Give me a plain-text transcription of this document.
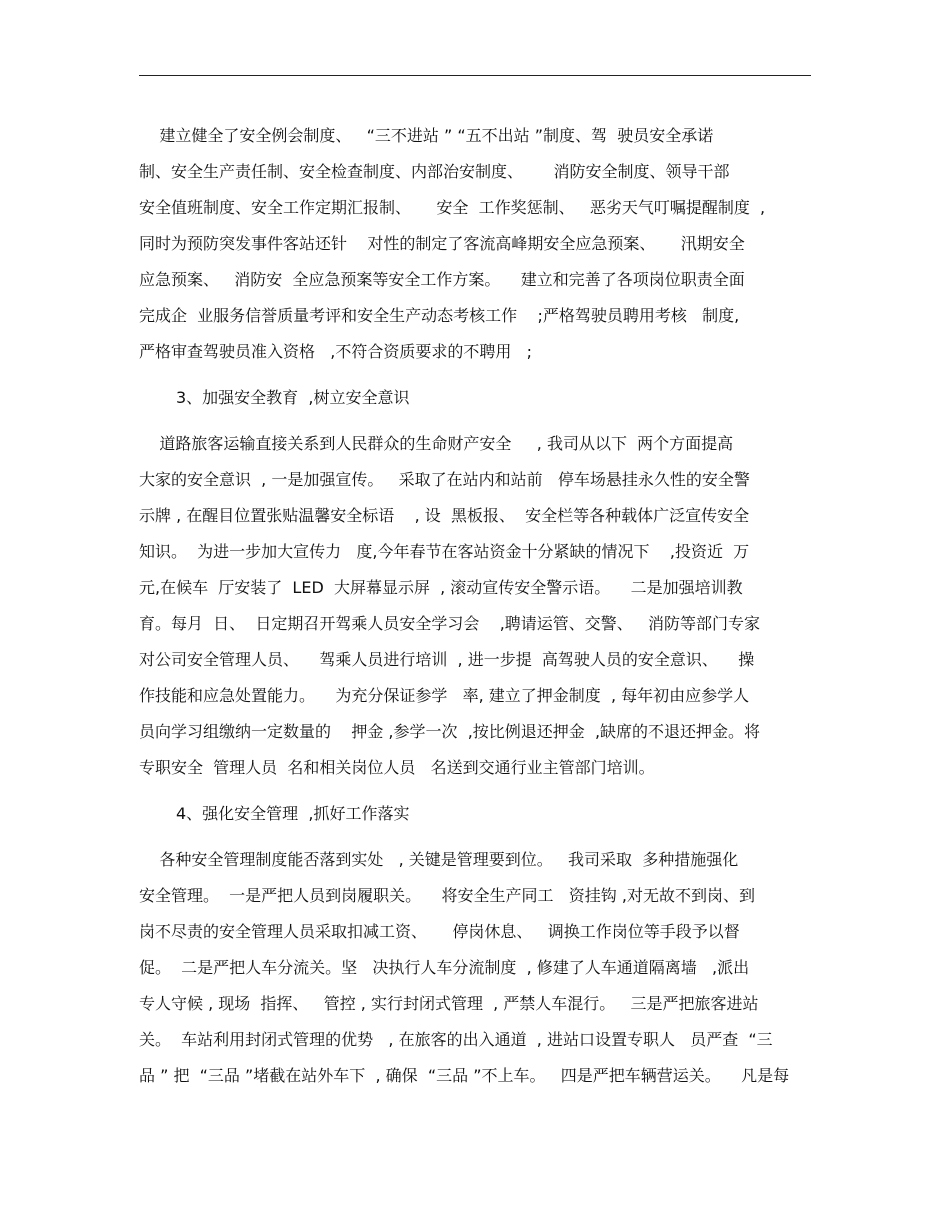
建立健全了安全例会制度、   “三不进站 ” “五不出站 ”制度、驾  驶员安全承诺
制、安全生产责任制、安全检查制度、内部治安制度、      消防安全制度、领导干部
安全值班制度、安全工作定期汇报制、     安全  工作奖惩制、   恶劣天气叮嘱提醒制度  ,
同时为预防突发事件客站还针    对性的制定了客流高峰期安全应急预案、     汛期安全
应急预案、   消防安  全应急预案等安全工作方案。    建立和完善了各项岗位职责全面
完成企  业服务信誉质量考评和安全生产动态考核工作    ;严格驾驶员聘用考核   制度,
严格审查驾驶员准入资格   ,不符合资质要求的不聘用   ;
3、加强安全教育  ,树立安全意识
道路旅客运输直接关系到人民群众的生命财产安全     , 我司从以下  两个方面提高
大家的安全意识  , 一是加强宣传。   采取了在站内和站前   停车场悬挂永久性的安全警
示牌 , 在醒目位置张贴温馨安全标语    , 设  黑板报、  安全栏等各种载体广泛宣传安全
知识。  为进一步加大宣传力   度,今年春节在客站资金十分紧缺的情况下    ,投资近  万
元,在候车  厅安装了  LED  大屏幕显示屏  , 滚动宣传安全警示语。    二是加强培训教
育。每月  日、  日定期召开驾乘人员安全学习会    ,聘请运管、交警、   消防等部门专家
对公司安全管理人员、    驾乘人员进行培训  , 进一步提  高驾驶人员的安全意识、    操
作技能和应急处置能力。    为充分保证参学   率, 建立了押金制度  , 每年初由应参学人
员向学习组缴纳一定数量的    押金 ,参学一次  ,按比例退还押金  ,缺席的不退还押金。将
专职安全  管理人员  名和相关岗位人员   名送到交通行业主管部门培训。
4、强化安全管理  ,抓好工作落实
各种安全管理制度能否落到实处   , 关键是管理要到位。   我司采取  多种措施强化
安全管理。  一是严把人员到岗履职关。    将安全生产同工   资挂钩 ,对无故不到岗、到
岗不尽责的安全管理人员采取扣减工资、     停岗休息、   调换工作岗位等手段予以督
促。  二是严把人车分流关。坚   决执行人车分流制度  , 修建了人车通道隔离墙   ,派出
专人守候 , 现场  指挥、   管控 , 实行封闭式管理  , 严禁人车混行。   三是严把旅客进站
关。  车站利用封闭式管理的优势   , 在旅客的出入通道  , 进站口设置专职人   员严查  “三
品 ” 把  “三品 ”堵截在站外车下  , 确保  “三品 ”不上车。   四是严把车辆营运关。    凡是每
